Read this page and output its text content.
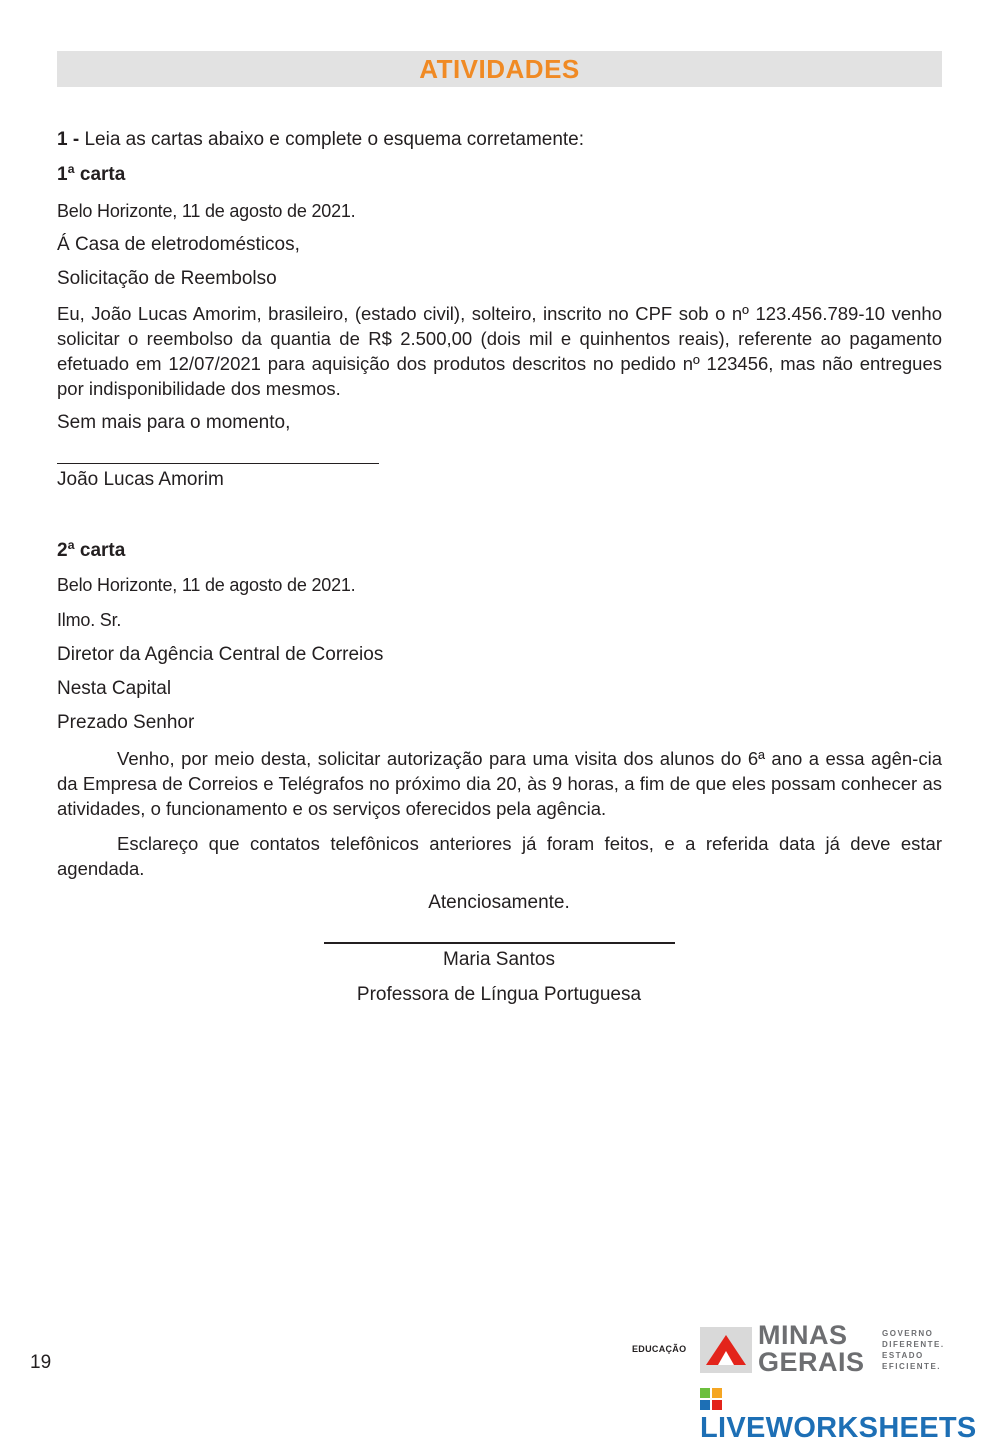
ATIVIDADES
1 - Leia as cartas abaixo e complete o esquema corretamente:
1ª carta
Belo Horizonte, 11 de agosto de 2021.
Á Casa de eletrodomésticos,
Solicitação de Reembolso
Eu, João Lucas Amorim, brasileiro, (estado civil), solteiro, inscrito no CPF sob o nº 123.456.789-10 venho solicitar o reembolso da quantia de R$ 2.500,00 (dois mil e quinhentos reais), referente ao pagamento efetuado em 12/07/2021 para aquisição dos produtos descritos no pedido nº 123456, mas não entregues por indisponibilidade dos mesmos.
Sem mais para o momento,
João Lucas Amorim
2ª carta
Belo Horizonte, 11 de agosto de 2021.
Ilmo. Sr.
Diretor da Agência Central de Correios
Nesta Capital
Prezado Senhor
Venho, por meio desta, solicitar autorização para uma visita dos alunos do 6ª ano a essa agên-cia da Empresa de Correios e Telégrafos no próximo dia 20, às 9 horas, a fim de que eles possam conhecer as atividades, o funcionamento e os serviços oferecidos pela agência.
Esclareço que contatos telefônicos anteriores já foram feitos, e a referida data já deve estar agendada.
Atenciosamente.
Maria Santos
Professora de Língua Portuguesa
19
EDUCAÇÃO	MINAS
GERAIS
GOVERNO
DIFERENTE.
ESTADO
EFICIENTE.
LIVEWORKSHEETS
